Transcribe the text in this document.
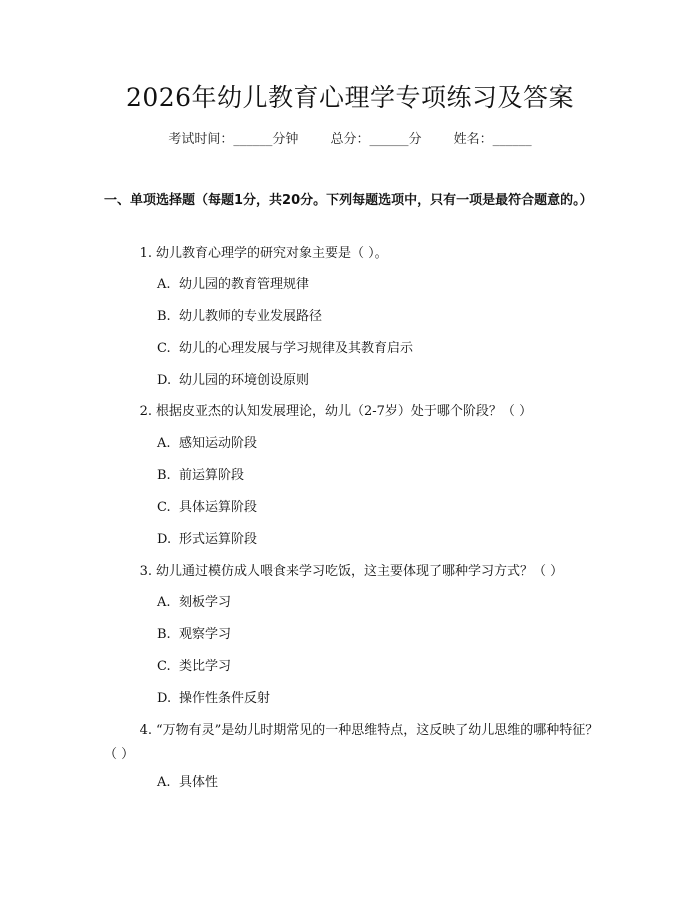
2026年幼儿教育心理学专项练习及答案
考试时间：______分钟 总分：______分 姓名：______
一、单项选择题（每题1分，共20分。下列每题选项中，只有一项是最符合题意的。）
1. 幼儿教育心理学的研究对象主要是（ ）。
A. 幼儿园的教育管理规律
B. 幼儿教师的专业发展路径
C. 幼儿的心理发展与学习规律及其教育启示
D. 幼儿园的环境创设原则
2. 根据皮亚杰的认知发展理论，幼儿（2-7岁）处于哪个阶段？（ ）
A. 感知运动阶段
B. 前运算阶段
C. 具体运算阶段
D. 形式运算阶段
3. 幼儿通过模仿成人喂食来学习吃饭，这主要体现了哪种学习方式？（ ）
A. 刻板学习
B. 观察学习
C. 类比学习
D. 操作性条件反射
4. “万物有灵”是幼儿时期常见的一种思维特点，这反映了幼儿思维的哪种特征？（ ）
A. 具体性
